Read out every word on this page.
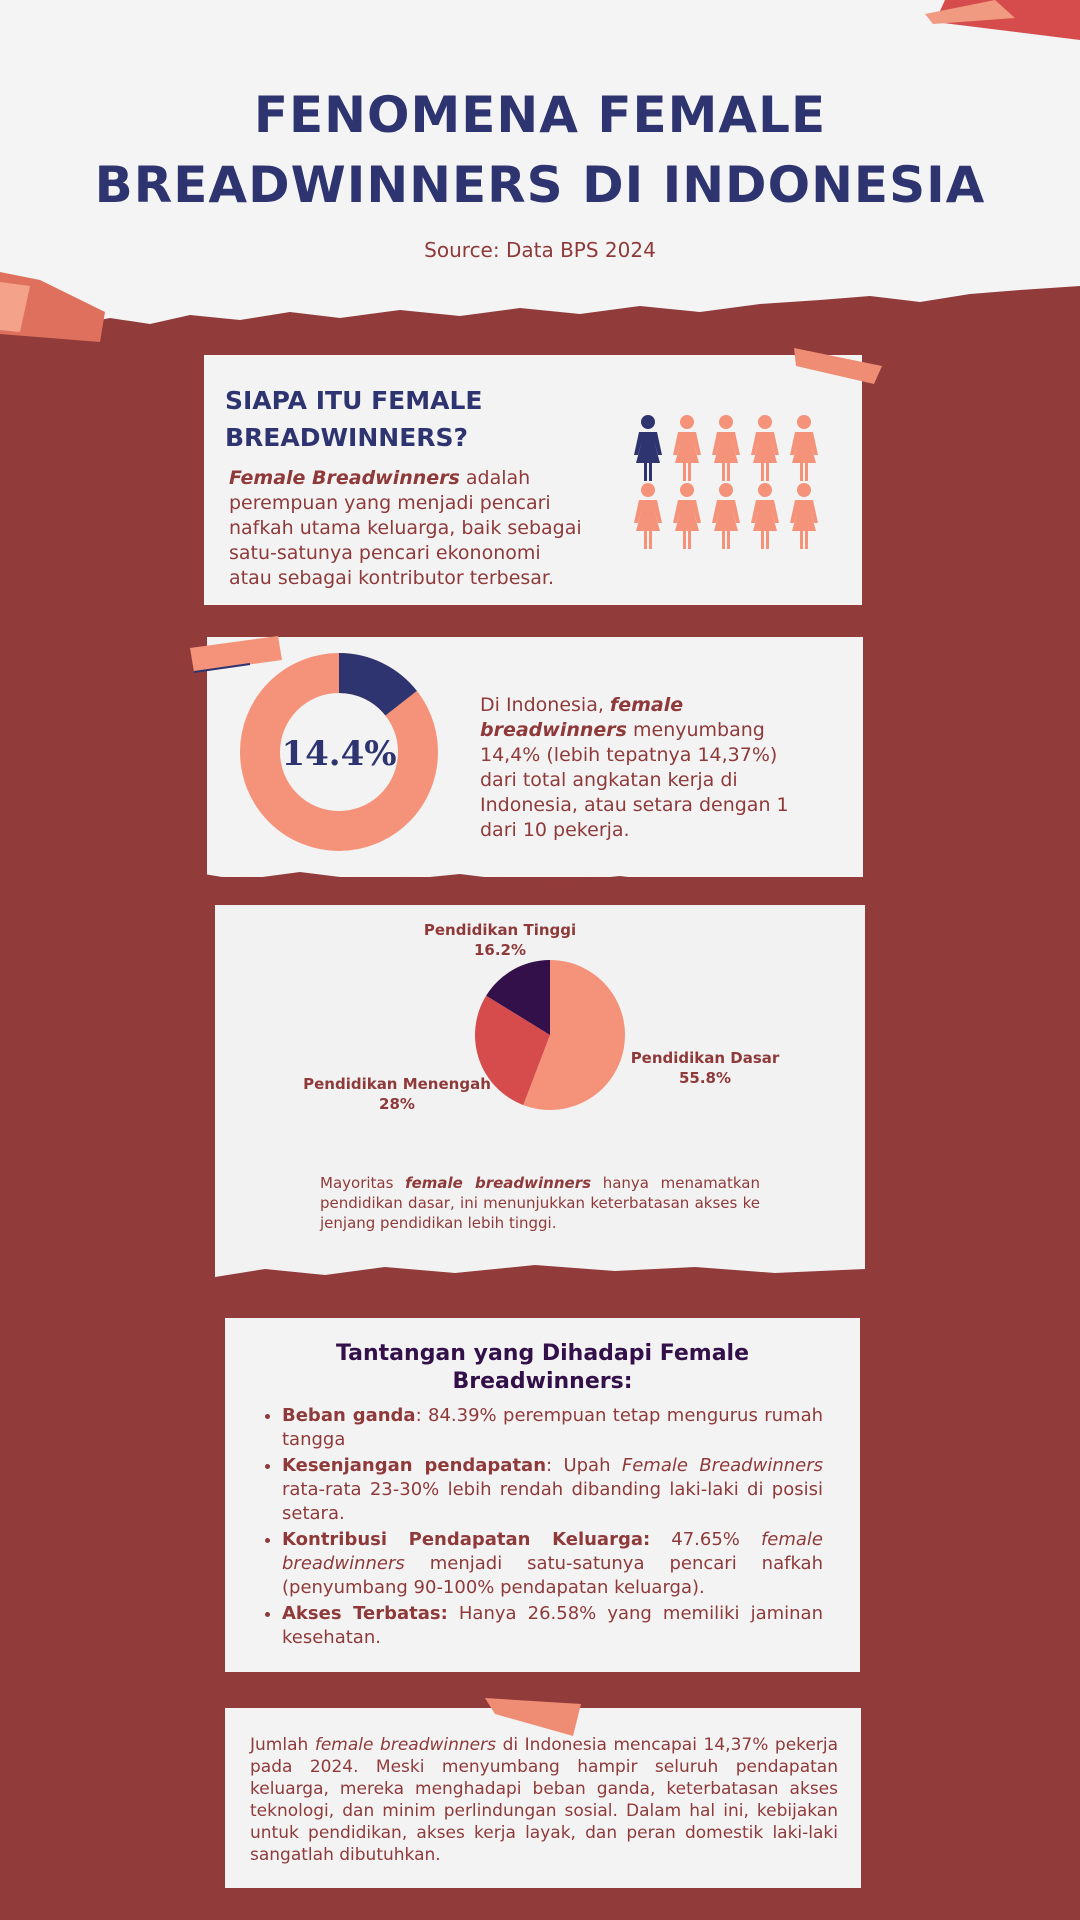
FENOMENA FEMALE
BREADWINNERS DI INDONESIA
Source: Data BPS 2024
SIAPA ITU FEMALE
BREADWINNERS?
Female Breadwinners adalah perempuan yang menjadi pencari nafkah utama keluarga, baik sebagai satu-satunya pencari ekononomi atau sebagai kontributor terbesar.
14.4%
Di Indonesia, female breadwinners menyumbang 14,4% (lebih tepatnya 14,37%) dari total angkatan kerja di Indonesia, atau setara dengan 1 dari 10 pekerja.
Pendidikan Tinggi
16.2%
Pendidikan Dasar
55.8%
Pendidikan Menengah
28%
Mayoritas female breadwinners hanya menamatkan pendidikan dasar, ini menunjukkan keterbatasan akses ke jenjang pendidikan lebih tinggi.
Tantangan yang Dihadapi Female
Breadwinners:
• Beban ganda: 84.39% perempuan tetap mengurus rumah tangga
• Kesenjangan pendapatan: Upah Female Breadwinners rata-rata 23-30% lebih rendah dibanding laki-laki di posisi setara.
• Kontribusi Pendapatan Keluarga: 47.65% female breadwinners menjadi satu-satunya pencari nafkah (penyumbang 90-100% pendapatan keluarga).
• Akses Terbatas: Hanya 26.58% yang memiliki jaminan kesehatan.
Jumlah female breadwinners di Indonesia mencapai 14,37% pekerja pada 2024. Meski menyumbang hampir seluruh pendapatan keluarga, mereka menghadapi beban ganda, keterbatasan akses teknologi, dan minim perlindungan sosial. Dalam hal ini, kebijakan untuk pendidikan, akses kerja layak, dan peran domestik laki-laki sangatlah dibutuhkan.
